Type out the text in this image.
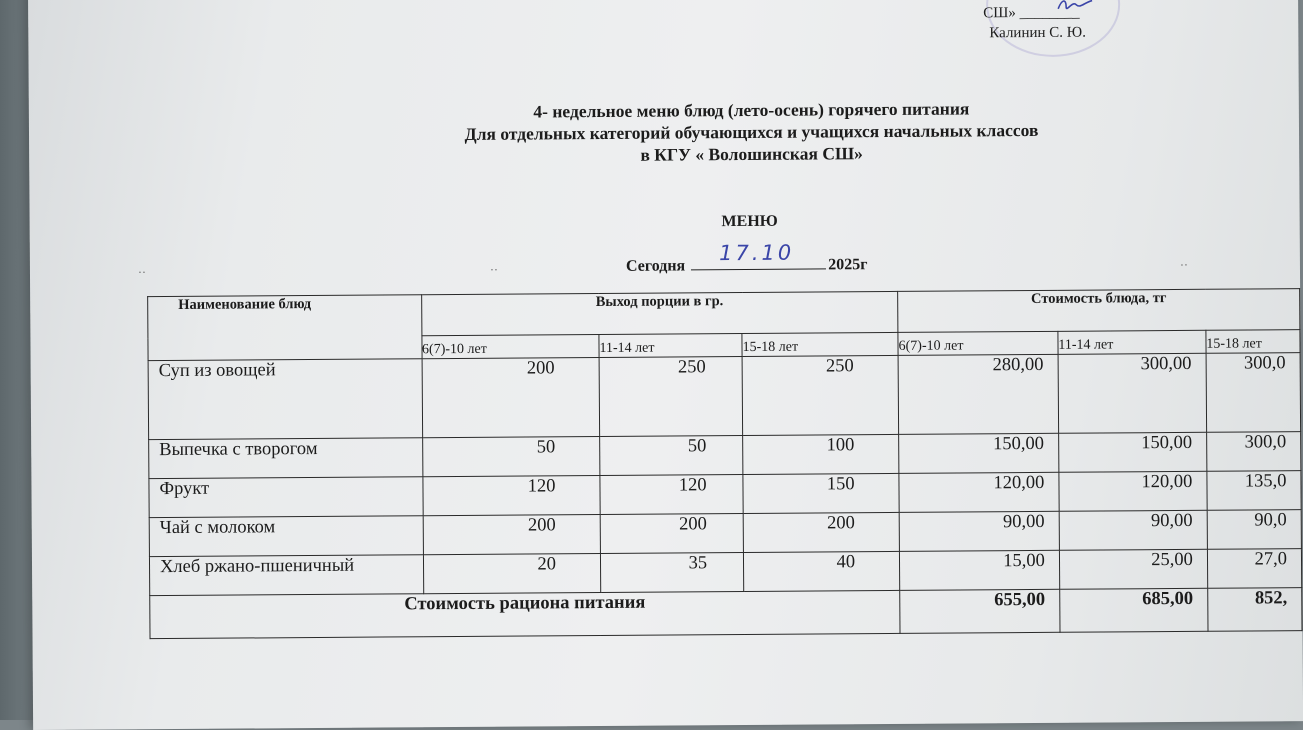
СШ» ________
Калинин С. Ю.
4- недельное меню блюд (лето-осень) горячего питания
Для отдельных категорий обучающихся и учащихся начальных классов
в КГУ « Волошинская СШ»
МЕНЮ
··	··	··
Сегодня
17.10 2025г
Наименование блюд	Выход порции в гр.			Стоимость блюда, тг		
	6(7)-10 лет	11-14 лет	15-18 лет	6(7)-10 лет	11-14 лет	15-18 лет
Суп из овощей	200	250	250	280,00	300,00	300,0
Выпечка с творогом	50	50	100	150,00	150,00	300,0
Фрукт	120	120	150	120,00	120,00	135,0
Чай с молоком	200	200	200	90,00	90,00	90,0
Хлеб ржано-пшеничный	20	35	40	15,00	25,00	27,0
Стоимость рациона питания				655,00	685,00	852,
